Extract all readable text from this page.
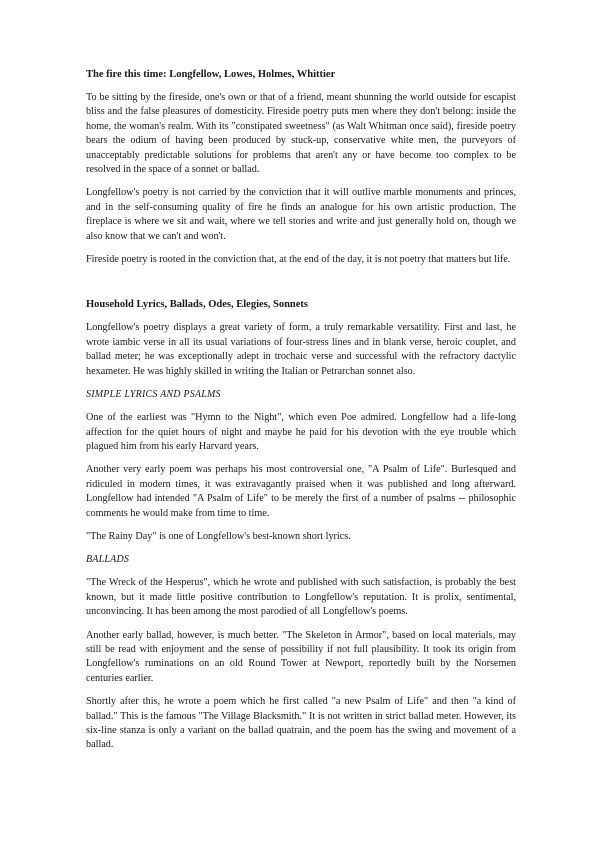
The fire this time: Longfellow, Lowes, Holmes, Whittier

To be sitting by the fireside, one's own or that of a friend, meant shunning the world outside for escapist bliss and the false pleasures of domesticity. Fireside poetry puts men where they don't belong: inside the home, the woman's realm. With its "constipated sweetness" (as Walt Whitman once said), fireside poetry bears the odium of having been produced by stuck-up, conservative white men, the purveyors of unacceptably predictable solutions for problems that aren't any or have become too complex to be resolved in the space of a sonnet or ballad.

Longfellow's poetry is not carried by the conviction that it will outlive marble monuments and princes, and in the self-consuming quality of fire he finds an analogue for his own artistic production. The fireplace is where we sit and wait, where we tell stories and write and just generally hold on, though we also know that we can't and won't.

Fireside poetry is rooted in the conviction that, at the end of the day, it is not poetry that matters but life.

Household Lyrics, Ballads, Odes, Elegies, Sonnets

Longfellow's poetry displays a great variety of form, a truly remarkable versatility. First and last, he wrote iambic verse in all its usual variations of four-stress lines and in blank verse, heroic couplet, and ballad meter; he was exceptionally adept in trochaic verse and successful with the refractory dactylic hexameter. He was highly skilled in writing the Italian or Petrarchan sonnet also.

SIMPLE LYRICS AND PSALMS

One of the earliest was "Hymn to the Night", which even Poe admired. Longfellow had a life-long affection for the quiet hours of night and maybe he paid for his devotion with the eye trouble which plagued him from his early Harvard years.

Another very early poem was perhaps his most controversial one, "A Psalm of Life". Burlesqued and ridiculed in modern times, it was extravagantly praised when it was published and long afterward. Longfellow had intended "A Psalm of Life" to be merely the first of a number of psalms -- philosophic comments he would make from time to time.

"The Rainy Day" is one of Longfellow's best-known short lyrics.

BALLADS

"The Wreck of the Hesperus", which he wrote and published with such satisfaction, is probably the best known, but it made little positive contribution to Longfellow's reputation. It is prolix, sentimental, unconvincing. It has been among the most parodied of all Longfellow's poems.

Another early ballad, however, is much better. "The Skeleton in Armor", based on local materials, may still be read with enjoyment and the sense of possibility if not full plausibility. It took its origin from Longfellow's ruminations on an old Round Tower at Newport, reportedly built by the Norsemen centuries earlier.

Shortly after this, he wrote a poem which he first called "a new Psalm of Life" and then "a kind of ballad." This is the famous "The Village Blacksmith." It is not written in strict ballad meter. However, its six-line stanza is only a variant on the ballad quatrain, and the poem has the swing and movement of a ballad.
